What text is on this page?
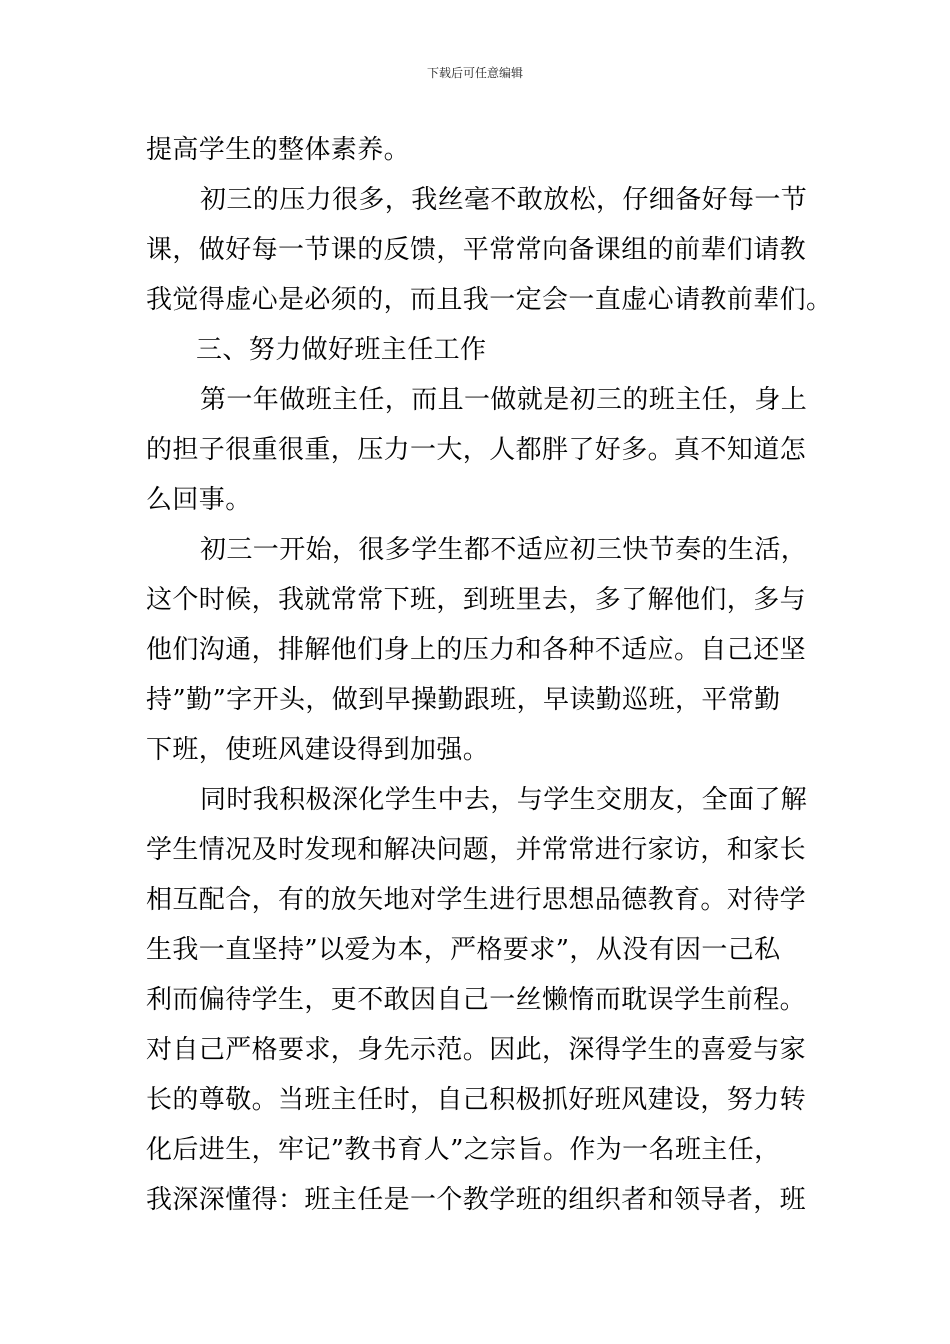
下载后可任意编辑
提高学生的整体素养。
初三的压力很多，我丝毫不敢放松，仔细备好每一节
课，做好每一节课的反馈，平常常向备课组的前辈们请教
我觉得虚心是必须的，而且我一定会一直虚心请教前辈们。
三、努力做好班主任工作
第一年做班主任，而且一做就是初三的班主任，身上
的担子很重很重，压力一大，人都胖了好多。真不知道怎
么回事。
初三一开始，很多学生都不适应初三快节奏的生活，
这个时候，我就常常下班，到班里去，多了解他们，多与
他们沟通，排解他们身上的压力和各种不适应。自己还坚
持”勤”字开头，做到早操勤跟班，早读勤巡班，平常勤
下班，使班风建设得到加强。
同时我积极深化学生中去，与学生交朋友，全面了解
学生情况及时发现和解决问题，并常常进行家访，和家长
相互配合，有的放矢地对学生进行思想品德教育。对待学
生我一直坚持”以爱为本，严格要求”，从没有因一己私
利而偏待学生，更不敢因自己一丝懒惰而耽误学生前程。
对自己严格要求，身先示范。因此，深得学生的喜爱与家
长的尊敬。当班主任时，自己积极抓好班风建设，努力转
化后进生，牢记”教书育人”之宗旨。作为一名班主任，
我深深懂得：班主任是一个教学班的组织者和领导者，班
